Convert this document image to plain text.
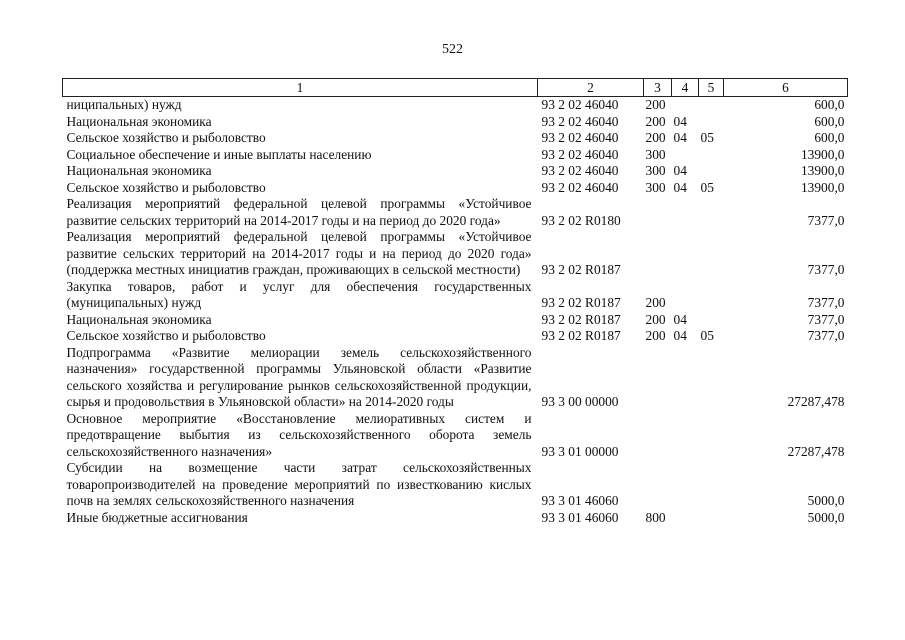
522
1	2	3	4	5	6
ниципальных) нужд	93 2 02 46040	200			600,0
Национальная экономика	93 2 02 46040	200	04		600,0
Сельское хозяйство и рыболовство	93 2 02 46040	200	04	05	600,0
Социальное обеспечение и иные выплаты населению	93 2 02 46040	300			13900,0
Национальная экономика	93 2 02 46040	300	04		13900,0
Сельское хозяйство и рыболовство	93 2 02 46040	300	04	05	13900,0
Реализация мероприятий федеральной целевой программы «Устойчивое развитие сельских территорий на 2014-2017 годы и на период до 2020 года»	93 2 02 R0180				7377,0
Реализация мероприятий федеральной целевой программы «Устойчивое развитие сельских территорий на 2014-2017 годы и на период до 2020 года» (поддержка местных инициатив граждан, проживающих в сельской местности)	93 2 02 R0187				7377,0
Закупка товаров, работ и услуг для обеспечения государственных (муниципальных) нужд	93 2 02 R0187	200			7377,0
Национальная экономика	93 2 02 R0187	200	04		7377,0
Сельское хозяйство и рыболовство	93 2 02 R0187	200	04	05	7377,0
Подпрограмма «Развитие мелиорации земель сельскохозяйственного назначения» государственной программы Ульяновской области «Развитие сельского хозяйства и регулирование рынков сельскохозяйственной продукции, сырья и продовольствия в Ульяновской области» на 2014-2020 годы	93 3 00 00000				27287,478
Основное мероприятие «Восстановление мелиоративных систем и предотвращение выбытия из сельскохозяйственного оборота земель сельскохозяйственного назначения»	93 3 01 00000				27287,478
Субсидии на возмещение части затрат сельскохозяйственных товаропроизводителей на проведение мероприятий по известкованию кислых почв на землях сельскохозяйственного назначения	93 3 01 46060				5000,0
Иные бюджетные ассигнования	93 3 01 46060	800			5000,0
